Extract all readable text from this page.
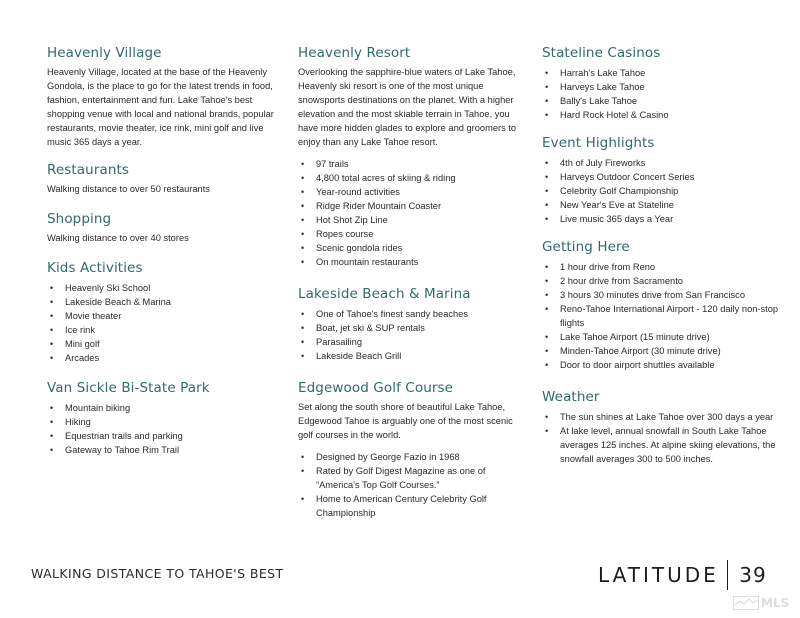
Heavenly Village

Heavenly Village, located at the base of the Heavenly Gondola, is the place to go for the latest trends in food, fashion, entertainment and fun. Lake Tahoe's best shopping venue with local and national brands, popular restaurants, movie theater, ice rink, mini golf and live music 365 days a year.

Restaurants

Walking distance to over 50 restaurants

Shopping

Walking distance to over 40 stores

Kids Activities
• Heavenly Ski School
• Lakeside Beach & Marina
• Movie theater
• Ice rink
• Mini golf
• Arcades
Van Sickle Bi-State Park
• Mountain biking
• Hiking
• Equestrian trails and parking
• Gateway to Tahoe Rim Trail
Heavenly Resort

Overlooking the sapphire-blue waters of Lake Tahoe, Heavenly ski resort is one of the most unique snowsports destinations on the planet. With a higher elevation and the most skiable terrain in Tahoe, you have more hidden glades to explore and groomers to enjoy than any Lake Tahoe resort.

• 97 trails
• 4,800 total acres of skiing & riding
• Year-round activities
• Ridge Rider Mountain Coaster
• Hot Shot Zip Line
• Ropes course
• Scenic gondola rides
• On mountain restaurants
Lakeside Beach & Marina
• One of Tahoe's finest sandy beaches
• Boat, jet ski & SUP rentals
• Parasailing
• Lakeside Beach Grill
Edgewood Golf Course

Set along the south shore of beautiful Lake Tahoe, Edgewood Tahoe is arguably one of the most scenic golf courses in the world.

• Designed by George Fazio in 1968
• Rated by Golf Digest Magazine as one of “America's Top Golf Courses.”
• Home to American Century Celebrity Golf Championship
Stateline Casinos
• Harrah's Lake Tahoe
• Harveys Lake Tahoe
• Bally's Lake Tahoe
• Hard Rock Hotel & Casino
Event Highlights
• 4th of July Fireworks
• Harveys Outdoor Concert Series
• Celebrity Golf Championship
• New Year's Eve at Stateline
• Live music 365 days a Year
Getting Here
• 1 hour drive from Reno
• 2 hour drive from Sacramento
• 3 hours 30 minutes drive from San Francisco
• Reno-Tahoe International Airport - 120 daily non-stop flights
• Lake Tahoe Airport (15 minute drive)
• Minden-Tahoe Airport (30 minute drive)
• Door to door airport shuttles available
Weather
• The sun shines at Lake Tahoe over 300 days a year
• At lake level, annual snowfall in South Lake Tahoe averages 125 inches. At alpine skiing elevations, the snowfall averages 300 to 500 inches.
WALKING DISTANCE TO TAHOE'S BEST	LATITUDE 39
MLS
